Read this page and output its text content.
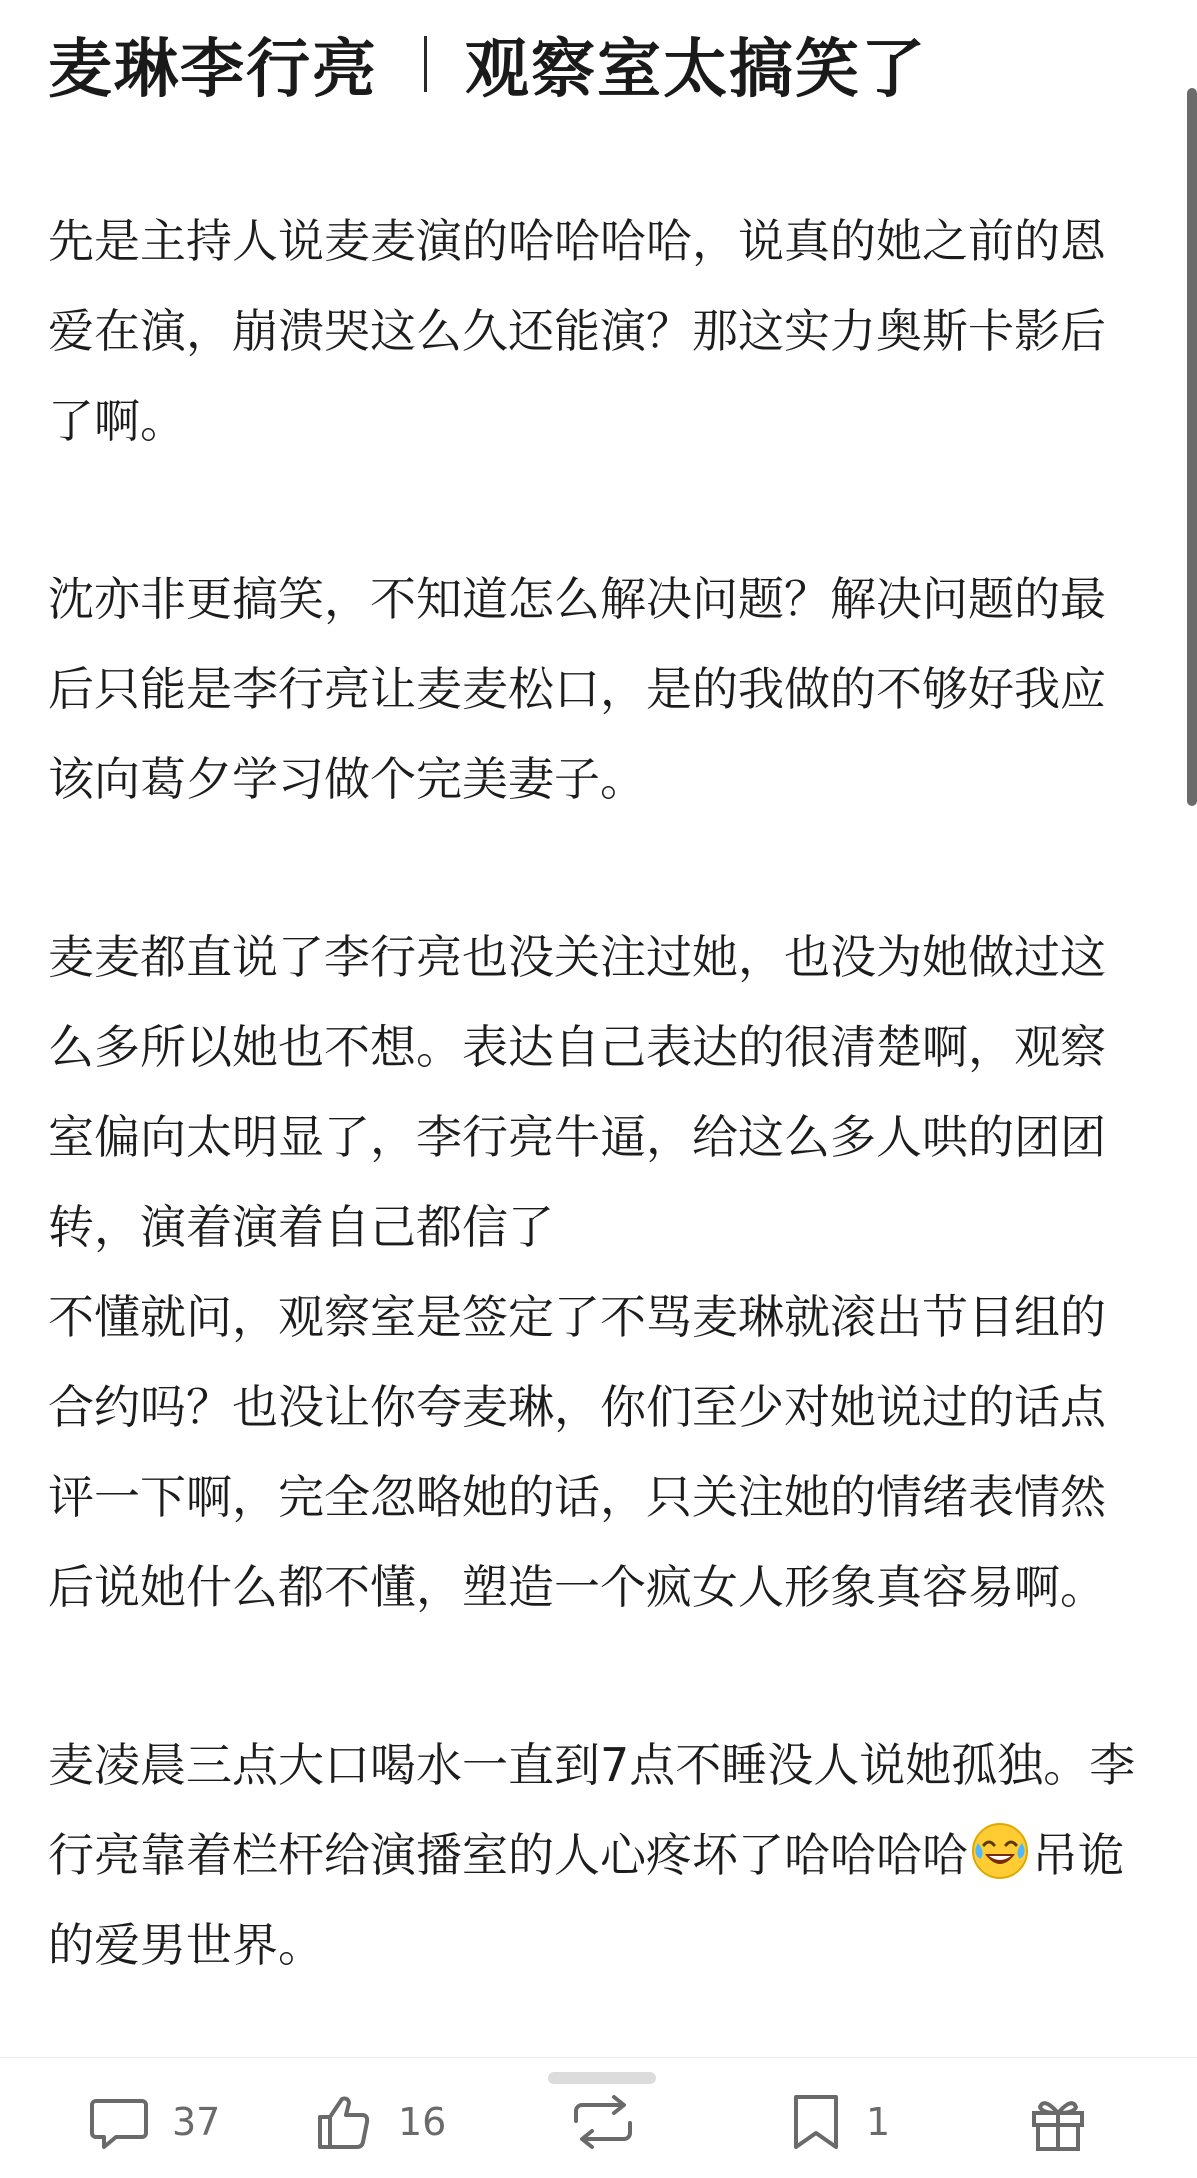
麦琳李行亮 观察室太搞笑了

先是主持人说麦麦演的哈哈哈哈，说真的她之前的恩爱在演，崩溃哭这么久还能演？那这实力奥斯卡影后了啊。

沈亦非更搞笑，不知道怎么解决问题？解决问题的最后只能是李行亮让麦麦松口，是的我做的不够好我应该向葛夕学习做个完美妻子。

麦麦都直说了李行亮也没关注过她，也没为她做过这么多所以她也不想。表达自己表达的很清楚啊，观察室偏向太明显了，李行亮牛逼，给这么多人哄的团团转，演着演着自己都信了

不懂就问，观察室是签定了不骂麦琳就滚出节目组的合约吗？也没让你夸麦琳，你们至少对她说过的话点评一下啊，完全忽略她的话，只关注她的情绪表情然后说她什么都不懂，塑造一个疯女人形象真容易啊。

麦凌晨三点大口喝水一直到7点不睡没人说她孤独。李行亮靠着栏杆给演播室的人心疼坏了哈哈哈哈 吊诡的爱男世界。

37	16	1
